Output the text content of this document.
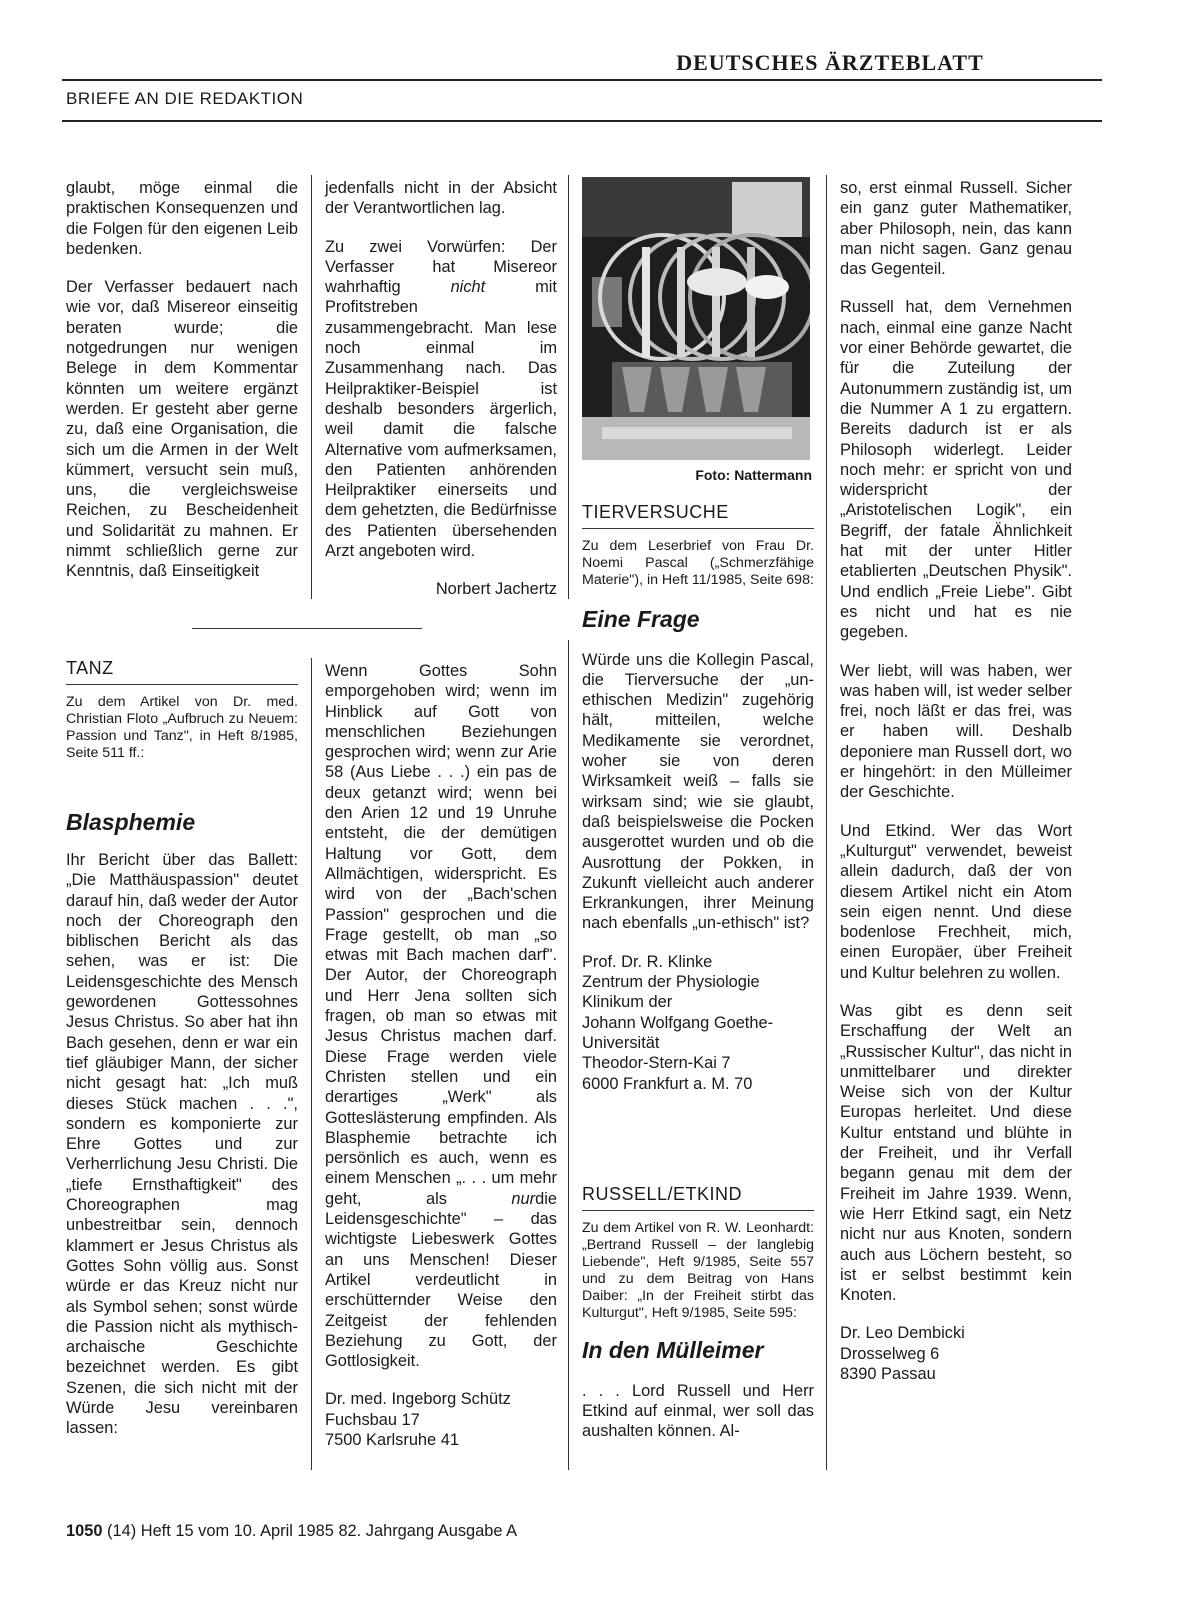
DEUTSCHES ÄRZTEBLATT
BRIEFE AN DIE REDAKTION

glaubt, möge einmal die praktischen Konsequenzen und die Folgen für den eigenen Leib bedenken.

Der Verfasser bedauert nach wie vor, daß Misereor einseitig beraten wurde; die notgedrungen nur wenigen Belege in dem Kommentar könnten um weitere ergänzt werden. Er gesteht aber gerne zu, daß eine Organisation, die sich um die Armen in der Welt kümmert, versucht sein muß, uns, die vergleichsweise Reichen, zu Bescheidenheit und Solidarität zu mahnen. Er nimmt schließlich gerne zur Kenntnis, daß Einseitigkeit

jedenfalls nicht in der Absicht der Verantwortlichen lag.

Zu zwei Vorwürfen: Der Verfasser hat Misereor wahrhaftig	nicht	mit Profitstreben zusammengebracht. Man lese noch einmal im Zusammenhang nach. Das Heilpraktiker-Beispiel ist deshalb besonders ärgerlich, weil damit die falsche Alternative vom aufmerksamen, den Patienten anhörenden Heilpraktiker einerseits und dem gehetzten, die Bedürfnisse des Patienten übersehenden Arzt angeboten wird.

Norbert Jachertz
TANZ
Zu dem Artikel von Dr. med. Christian Floto „Aufbruch zu Neuem: Passion und Tanz", in Heft 8/1985, Seite 511 ff.:
Blasphemie

Ihr Bericht über das Ballett: „Die Matthäuspassion" deutet darauf hin, daß weder der Autor noch der Choreograph den biblischen Bericht als das sehen, was er ist: Die Leidensgeschichte des Mensch gewordenen Gottessohnes Jesus Christus. So aber hat ihn Bach gesehen, denn er war ein tief gläubiger Mann, der sicher nicht gesagt hat: „Ich muß dieses Stück machen . . .", sondern es komponierte zur Ehre Gottes und zur Verherrlichung Jesu Christi. Die „tiefe Ernsthaftigkeit" des Choreographen mag unbestreitbar sein, dennoch klammert er Jesus Christus als Gottes Sohn völlig aus. Sonst würde er das Kreuz nicht nur als Symbol sehen; sonst würde die Passion nicht als mythisch-archaische Geschichte bezeichnet werden. Es gibt Szenen, die sich nicht mit der Würde Jesu vereinbaren lassen:

Wenn Gottes Sohn emporgehoben wird; wenn im Hinblick auf Gott von menschlichen Beziehungen gesprochen wird; wenn zur Arie 58 (Aus Liebe . . .) ein pas de deux getanzt wird; wenn bei den Arien 12 und 19 Unruhe entsteht, die der demütigen Haltung vor Gott, dem Allmächtigen, widerspricht. Es wird von der „Bach'schen Passion" gesprochen und die Frage gestellt, ob man „so etwas mit Bach machen darf". Der Autor, der Choreograph und Herr Jena sollten sich fragen, ob man so etwas mit Jesus Christus machen darf. Diese Frage werden viele Christen stellen und ein derartiges „Werk" als Gotteslästerung empfinden. Als Blasphemie betrachte ich persönlich es auch, wenn es einem Menschen „. . . um mehr geht, als	nurdie Leidensgeschichte" – das wichtigste Liebeswerk Gottes an uns Menschen! Dieser Artikel verdeutlicht in erschütternder Weise den Zeitgeist der fehlenden Beziehung zu Gott, der Gottlosigkeit.

Dr. med. Ingeborg Schütz
Fuchsbau 17
7500 Karlsruhe 41
Foto: Nattermann
TIERVERSUCHE
Zu dem Leserbrief von Frau Dr. Noemi Pascal („Schmerzfähige Materie"), in Heft 11/1985, Seite 698:
Eine Frage

Würde uns die Kollegin Pascal, die Tierversuche der „un-ethischen Medizin" zugehörig hält, mitteilen, welche Medikamente sie verordnet, woher sie von deren Wirksamkeit weiß – falls sie wirksam sind; wie sie glaubt, daß beispielsweise die Pocken ausgerottet wurden und ob die Ausrottung der Pokken, in Zukunft vielleicht auch anderer Erkrankungen, ihrer Meinung nach ebenfalls „un-ethisch" ist?

Prof. Dr. R. Klinke
Zentrum der Physiologie
Klinikum der
Johann Wolfgang Goethe-
Universität
Theodor-Stern-Kai 7
6000 Frankfurt a. M. 70
RUSSELL/ETKIND
Zu dem Artikel von R. W. Leonhardt: „Bertrand Russell – der langlebig Liebende", Heft 9/1985, Seite 557 und zu dem Beitrag von Hans Daiber: „In der Freiheit stirbt das Kulturgut", Heft 9/1985, Seite 595:
In den Mülleimer

. . . Lord Russell und Herr Etkind auf einmal, wer soll das aushalten können. Al-

so, erst einmal Russell. Sicher ein ganz guter Mathematiker, aber Philosoph, nein, das kann man nicht sagen. Ganz genau das Gegenteil.

Russell hat, dem Vernehmen nach, einmal eine ganze Nacht vor einer Behörde gewartet, die für die Zuteilung der Autonummern zuständig ist, um die Nummer A 1 zu ergattern. Bereits dadurch ist er als Philosoph widerlegt. Leider noch mehr: er spricht von und widerspricht der „Aristotelischen Logik", ein Begriff, der fatale Ähnlichkeit hat mit der unter Hitler etablierten „Deutschen Physik". Und endlich „Freie Liebe". Gibt es nicht und hat es nie gegeben.

Wer liebt, will was haben, wer was haben will, ist weder selber frei, noch läßt er das frei, was er haben will. Deshalb deponiere man Russell dort, wo er hingehört: in den Mülleimer der Geschichte.

Und Etkind. Wer das Wort „Kulturgut" verwendet, beweist allein dadurch, daß der von diesem Artikel nicht ein Atom sein eigen nennt. Und diese bodenlose Frechheit, mich, einen Europäer, über Freiheit und Kultur belehren zu wollen.

Was gibt es denn seit Erschaffung der Welt an „Russischer Kultur", das nicht in unmittelbarer und direkter Weise sich von der Kultur Europas herleitet. Und diese Kultur entstand und blühte in der Freiheit, und ihr Verfall begann genau mit dem der Freiheit im Jahre 1939. Wenn, wie Herr Etkind sagt, ein Netz nicht nur aus Knoten, sondern auch aus Löchern besteht, so ist er selbst bestimmt kein Knoten.

Dr. Leo Dembicki
Drosselweg 6
8390 Passau
1050 (14) Heft 15 vom 10. April 1985 82. Jahrgang Ausgabe A
